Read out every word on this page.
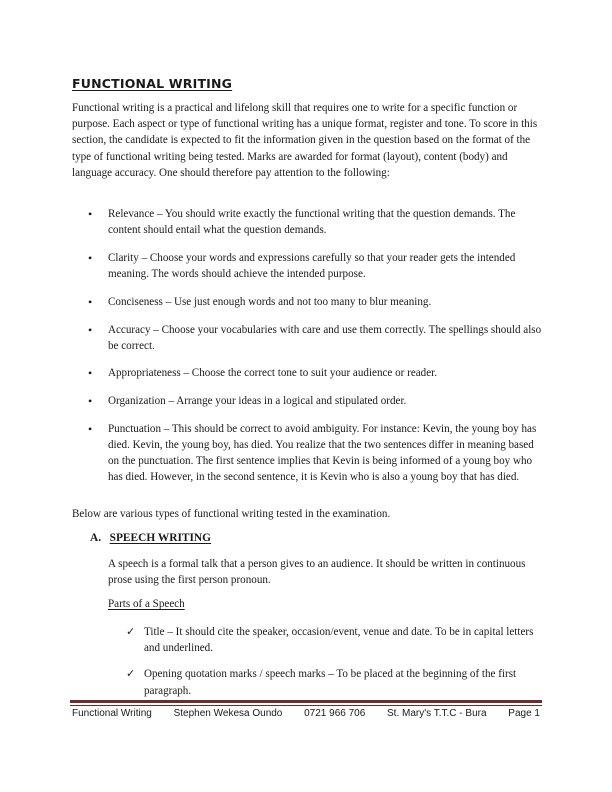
FUNCTIONAL WRITING

Functional writing is a practical and lifelong skill that requires one to write for a specific function or purpose. Each aspect or type of functional writing has a unique format, register and tone. To score in this section, the candidate is expected to fit the information given in the question based on the format of the type of functional writing being tested. Marks are awarded for format (layout), content (body) and language accuracy. One should therefore pay attention to the following:

• Relevance – You should write exactly the functional writing that the question demands. The content should entail what the question demands.
• Clarity – Choose your words and expressions carefully so that your reader gets the intended meaning. The words should achieve the intended purpose.
• Conciseness – Use just enough words and not too many to blur meaning.
• Accuracy – Choose your vocabularies with care and use them correctly. The spellings should also be correct.
• Appropriateness – Choose the correct tone to suit your audience or reader.
• Organization – Arrange your ideas in a logical and stipulated order.
• Punctuation – This should be correct to avoid ambiguity. For instance: Kevin, the young boy has died. Kevin, the young boy, has died. You realize that the two sentences differ in meaning based on the punctuation. The first sentence implies that Kevin is being informed of a young boy who has died. However, in the second sentence, it is Kevin who is also a young boy that has died.

Below are various types of functional writing tested in the examination.

A. SPEECH WRITING

A speech is a formal talk that a person gives to an audience. It should be written in continuous prose using the first person pronoun.

Parts of a Speech
✓ Title – It should cite the speaker, occasion/event, venue and date. To be in capital letters and underlined.
✓ Opening quotation marks / speech marks – To be placed at the beginning of the first paragraph.
Functional Writing Stephen Wekesa Oundo 0721 966 706 St. Mary's T.T.C - Bura Page 1
